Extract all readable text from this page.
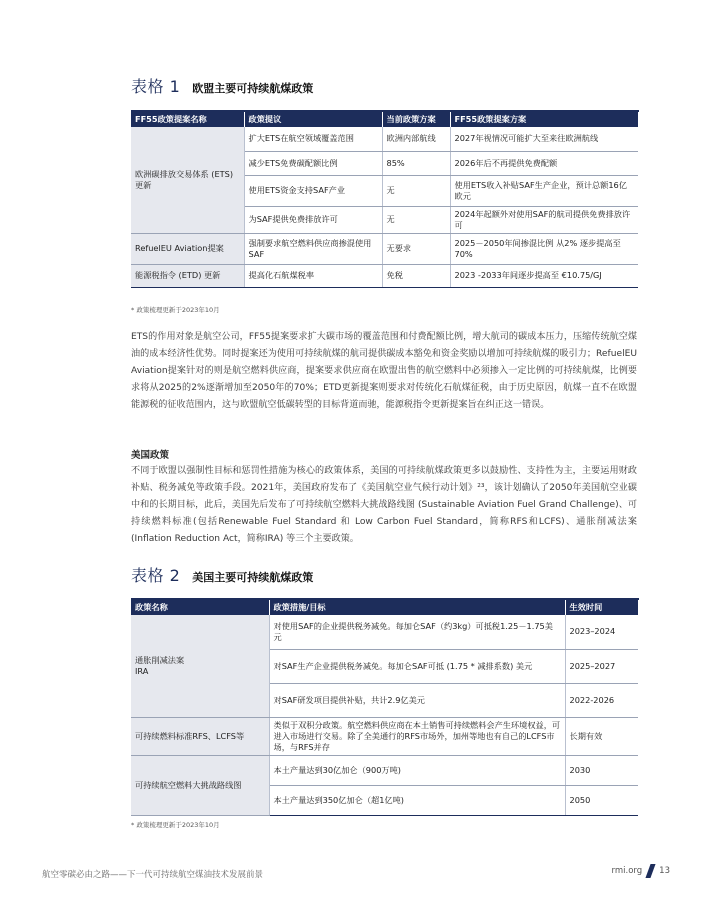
表格 1 欧盟主要可持续航煤政策
FF55政策提案名称	政策提议	当前政策方案	FF55政策提案方案
欧洲碳排放交易体系 (ETS) 更新	扩大ETS在航空领域覆盖范围	欧洲内部航线	2027年视情况可能扩大至来往欧洲航线
	减少ETS免费碳配额比例	85%	2026年后不再提供免费配额
	使用ETS资金支持SAF产业	无	使用ETS收入补贴SAF生产企业，预计总额16亿欧元
	为SAF提供免费排放许可	无	2024年起额外对使用SAF的航司提供免费排放许可
RefuelEU Aviation提案	强制要求航空燃料供应商掺混使用SAF	无要求	2025－2050年间掺混比例 从2% 逐步提高至 70%
能源税指令 (ETD) 更新	提高化石航煤税率	免税	2023 -2033年间逐步提高至 €10.75/GJ
* 政策梳理更新于2023年10月
ETS的作用对象是航空公司，FF55提案要求扩大碳市场的覆盖范围和付费配额比例，增大航司的碳成本压力，压缩传统航空煤油的成本经济性优势。同时提案还为使用可持续航煤的航司提供碳成本豁免和资金奖励以增加可持续航煤的吸引力；RefuelEU Aviation提案针对的则是航空燃料供应商，提案要求供应商在欧盟出售的航空燃料中必须掺入一定比例的可持续航煤，比例要求将从2025的2%逐渐增加至2050年的70%；ETD更新提案则要求对传统化石航煤征税，由于历史原因，航煤一直不在欧盟能源税的征收范围内，这与欧盟航空低碳转型的目标背道而驰，能源税指令更新提案旨在纠正这一错误。
美国政策
不同于欧盟以强制性目标和惩罚性措施为核心的政策体系，美国的可持续航煤政策更多以鼓励性、支持性为主，主要运用财政补贴、税务减免等政策手段。2021年，美国政府发布了《美国航空业气候行动计划》²³，该计划确认了2050年美国航空业碳中和的长期目标，此后，美国先后发布了可持续航空燃料大挑战路线图 (Sustainable Aviation Fuel Grand Challenge)、可持续燃料标准(包括Renewable Fuel Standard 和 Low Carbon Fuel Standard，简称RFS和LCFS)、通胀削减法案 (Inflation Reduction Act，简称IRA) 等三个主要政策。
表格 2 美国主要可持续航煤政策
政策名称	政策措施/目标	生效时间
通胀削减法案
IRA	对使用SAF的企业提供税务减免。每加仑SAF（约3kg）可抵税1.25－1.75美元	2023–2024
	对SAF生产企业提供税务减免。每加仑SAF可抵 (1.75 * 减排系数) 美元	2025–2027
	对SAF研发项目提供补贴，共计2.9亿美元	2022-2026
可持续燃料标准RFS、LCFS等	类似于双积分政策。航空燃料供应商在本土销售可持续燃料会产生环境权益，可进入市场进行交易。除了全美通行的RFS市场外，加州等地也有自己的LCFS市场，与RFS并存	长期有效
可持续航空燃料大挑战路线图	本土产量达到30亿加仑（900万吨)	2030
	本土产量达到350亿加仑（超1亿吨)	2050
* 政策梳理更新于2023年10月
航空零碳必由之路——下一代可持续航空煤油技术发展前景	rmi.org 13
